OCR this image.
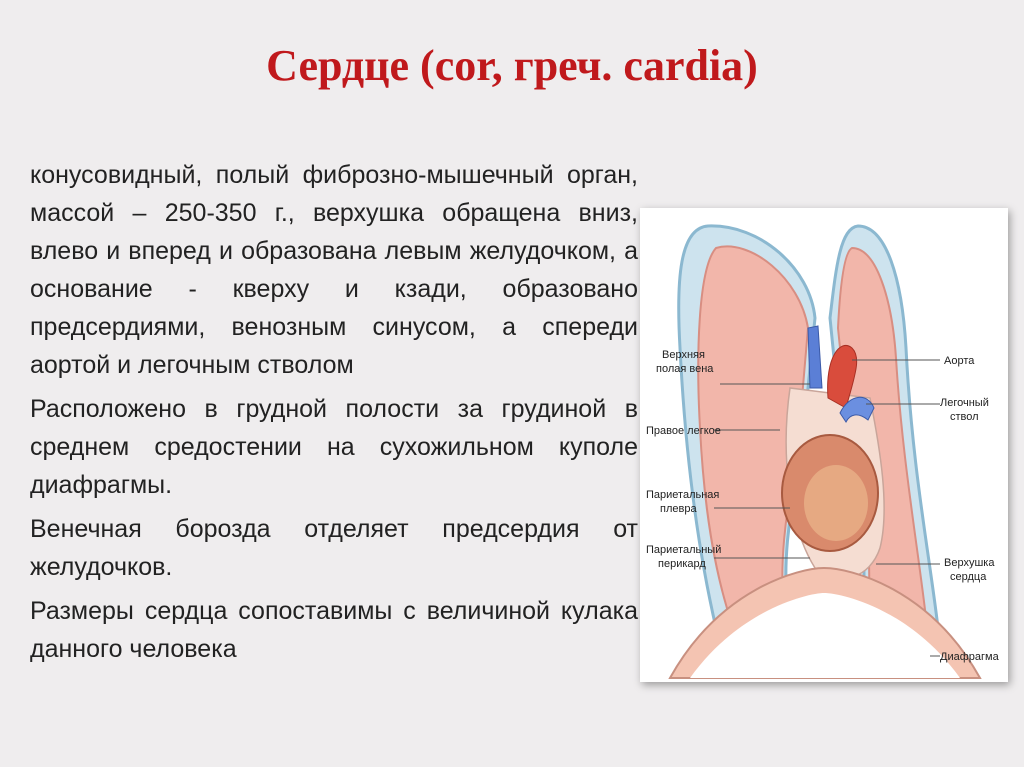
Сердце (cor, греч. cardia)

конусовидный, полый фиброзно-мышечный орган, массой – 250-350 г., верхушка обращена вниз, влево и вперед и образована левым желудочком, а основание - кверху и кзади, образовано предсердиями, венозным синусом, а спереди аортой и легочным стволом

Расположено в грудной полости за грудиной в среднем средостении на сухожильном куполе диафрагмы.

Венечная борозда отделяет предсердия от желудочков.

Размеры сердца сопоставимы с величиной кулака данного человека

Верхняя полая вена
Правое легкое
Париетальная плевра
Париетальный перикард
Аорта
Легочный ствол
Верхушка сердца
Диафрагма
